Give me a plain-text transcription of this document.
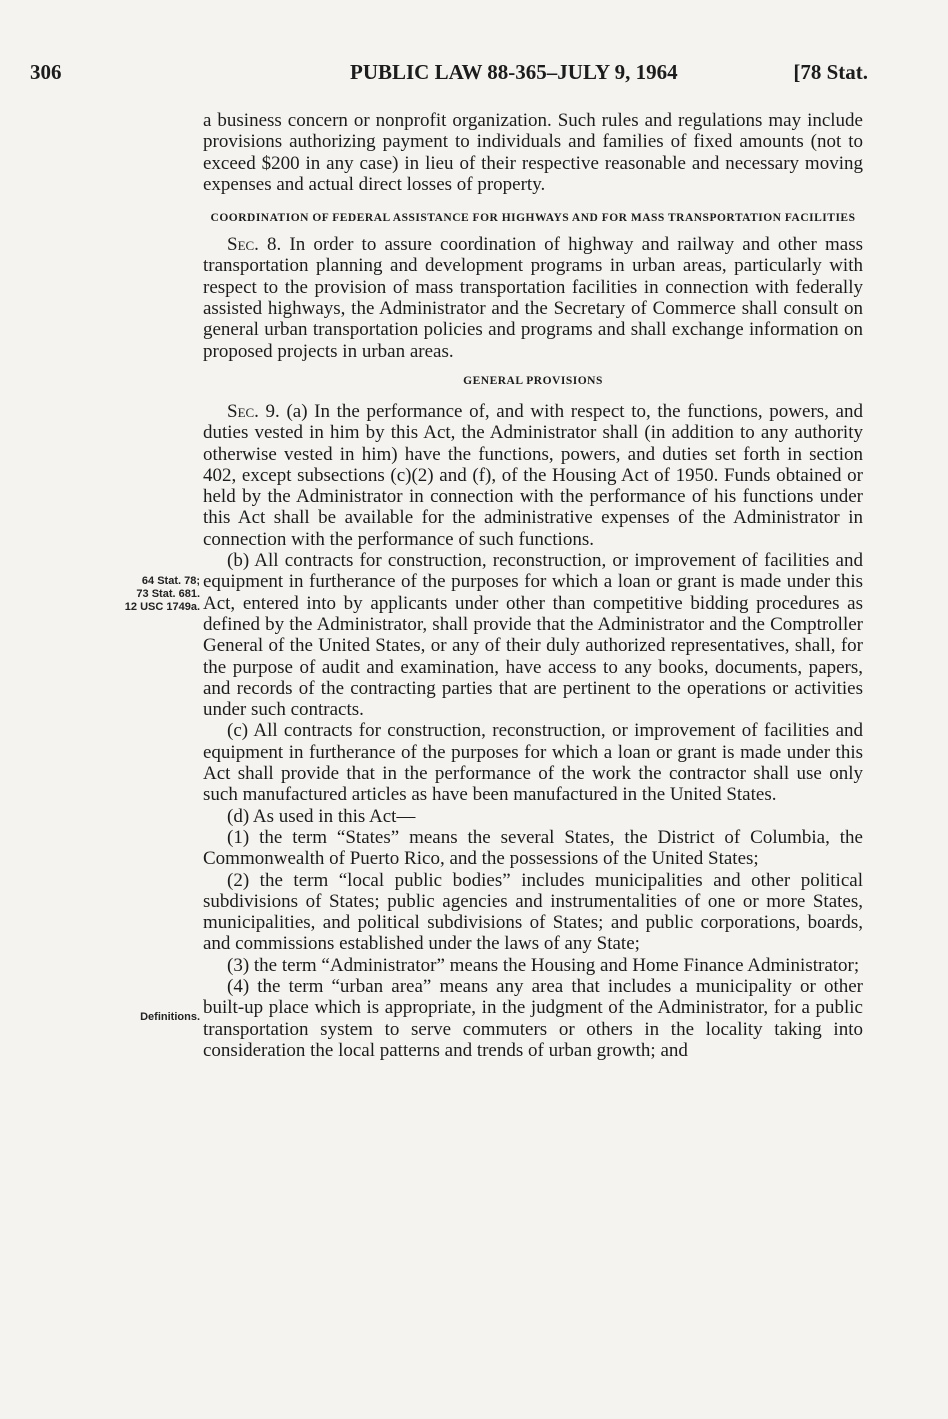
306	PUBLIC LAW 88-365–JULY 9, 1964	[78 Stat.
64 Stat. 78;
73 Stat. 681.
12 USC 1749a.
Definitions.

a business concern or nonprofit organization. Such rules and regulations may include provisions authorizing payment to individuals and families of fixed amounts (not to exceed $200 in any case) in lieu of their respective reasonable and necessary moving expenses and actual direct losses of property.

COORDINATION OF FEDERAL ASSISTANCE FOR HIGHWAYS AND FOR MASS TRANSPORTATION FACILITIES

Sec. 8. In order to assure coordination of highway and railway and other mass transportation planning and development programs in urban areas, particularly with respect to the provision of mass transportation facilities in connection with federally assisted highways, the Administrator and the Secretary of Commerce shall consult on general urban transportation policies and programs and shall exchange information on proposed projects in urban areas.

GENERAL PROVISIONS

Sec. 9. (a) In the performance of, and with respect to, the functions, powers, and duties vested in him by this Act, the Administrator shall (in addition to any authority otherwise vested in him) have the functions, powers, and duties set forth in section 402, except subsections (c)(2) and (f), of the Housing Act of 1950. Funds obtained or held by the Administrator in connection with the performance of his functions under this Act shall be available for the administrative expenses of the Administrator in connection with the performance of such functions.

(b) All contracts for construction, reconstruction, or improvement of facilities and equipment in furtherance of the purposes for which a loan or grant is made under this Act, entered into by applicants under other than competitive bidding procedures as defined by the Administrator, shall provide that the Administrator and the Comptroller General of the United States, or any of their duly authorized representatives, shall, for the purpose of audit and examination, have access to any books, documents, papers, and records of the contracting parties that are pertinent to the operations or activities under such contracts.

(c) All contracts for construction, reconstruction, or improvement of facilities and equipment in furtherance of the purposes for which a loan or grant is made under this Act shall provide that in the performance of the work the contractor shall use only such manufactured articles as have been manufactured in the United States.

(d) As used in this Act—

(1) the term “States” means the several States, the District of Columbia, the Commonwealth of Puerto Rico, and the possessions of the United States;

(2) the term “local public bodies” includes municipalities and other political subdivisions of States; public agencies and instrumentalities of one or more States, municipalities, and political subdivisions of States; and public corporations, boards, and commissions established under the laws of any State;

(3) the term “Administrator” means the Housing and Home Finance Administrator;

(4) the term “urban area” means any area that includes a municipality or other built-up place which is appropriate, in the judgment of the Administrator, for a public transportation system to serve commuters or others in the locality taking into consideration the local patterns and trends of urban growth; and
